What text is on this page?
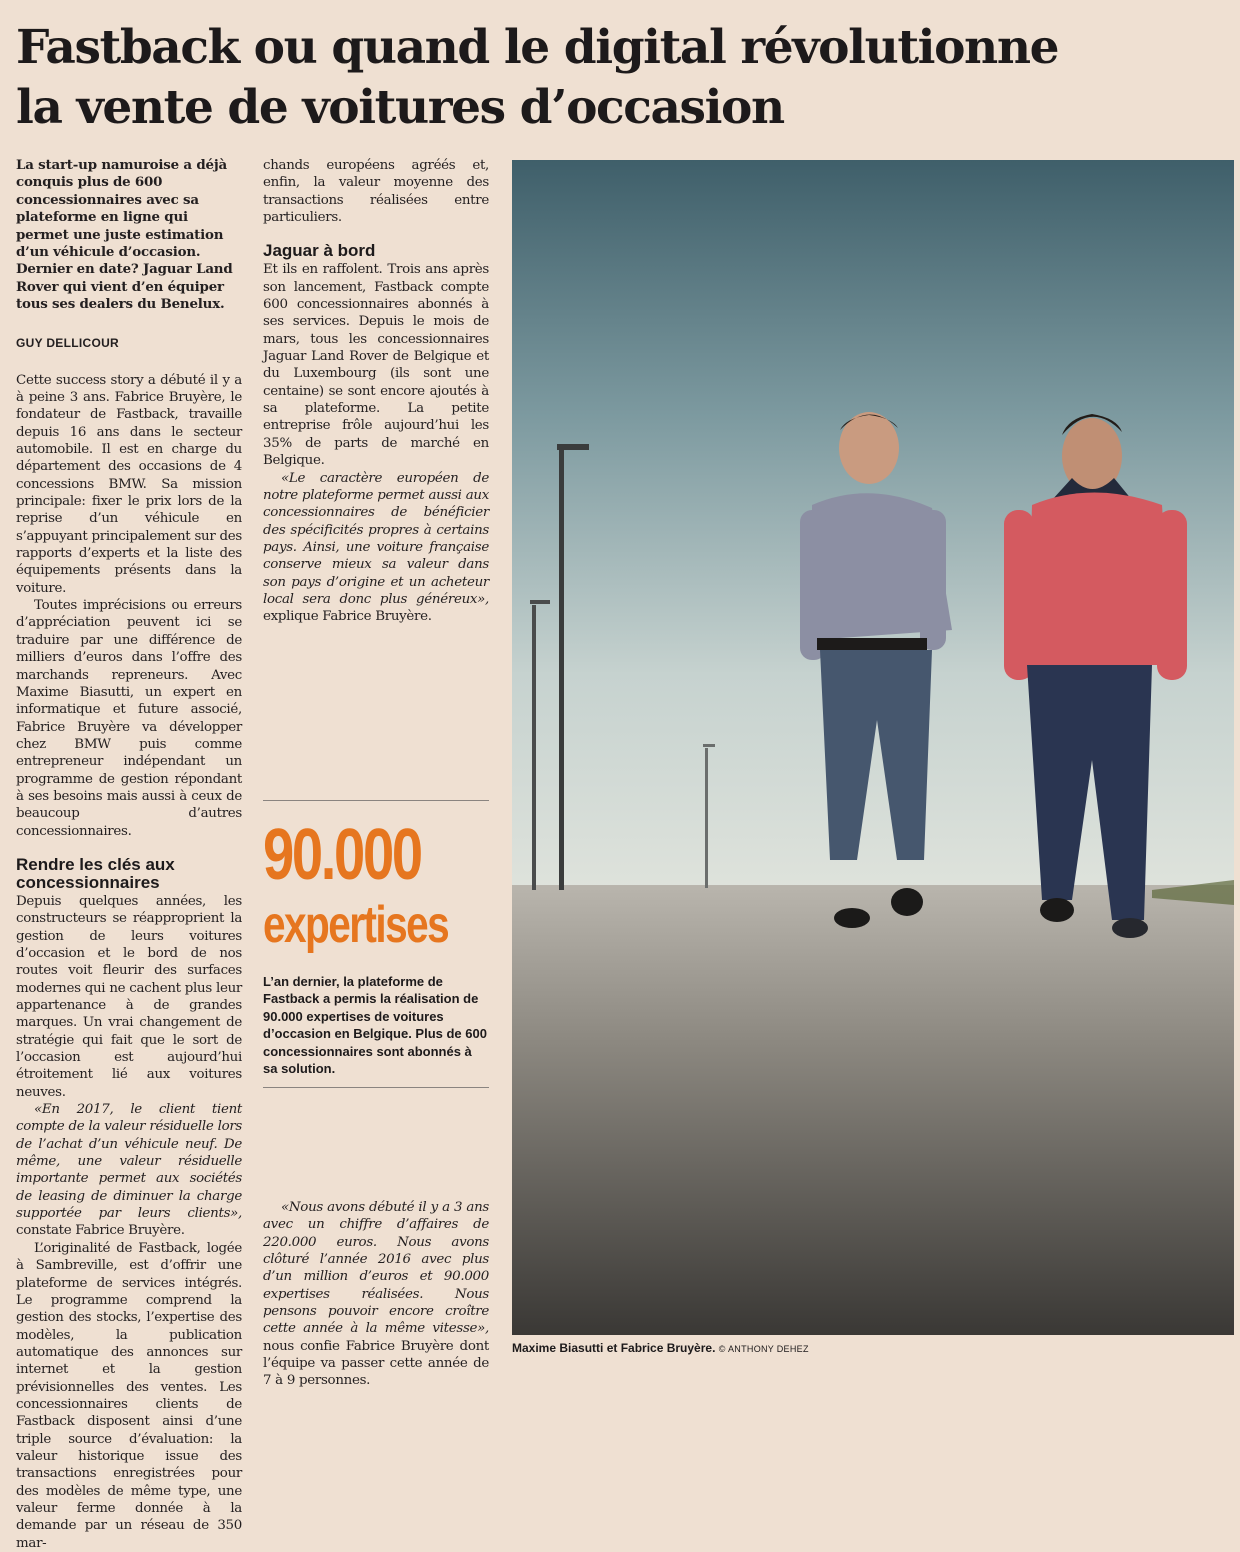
Fastback ou quand le digital révolutionne
la vente de voitures d’occasion

La start-up namuroise a déjà conquis plus de 600 concessionnaires avec sa plateforme en ligne qui permet une juste estimation d’un véhicule d’occasion. Dernier en date? Jaguar Land Rover qui vient d’en équiper tous ses dealers du Benelux.

GUY DELLICOUR

Cette success story a débuté il y a à peine 3 ans. Fabrice Bruyère, le fondateur de Fastback, travaille depuis 16 ans dans le secteur automobile. Il est en charge du département des occasions de 4 concessions BMW. Sa mission principale: fixer le prix lors de la reprise d’un véhicule en s’appuyant principalement sur des rapports d’experts et la liste des équipements présents dans la voiture.

Toutes imprécisions ou erreurs d’appréciation peuvent ici se traduire par une différence de milliers d’euros dans l’offre des marchands repreneurs. Avec Maxime Biasutti, un expert en informatique et future associé, Fabrice Bruyère va développer chez BMW puis comme entrepreneur indépendant un programme de gestion répondant à ses besoins mais aussi à ceux de beaucoup d’autres concessionnaires.

Rendre les clés aux concessionnaires

Depuis quelques années, les constructeurs se réapproprient la gestion de leurs voitures d’occasion et le bord de nos routes voit fleurir des surfaces modernes qui ne cachent plus leur appartenance à de grandes marques. Un vrai changement de stratégie qui fait que le sort de l’occasion est aujourd’hui étroitement lié aux voitures neuves.

«En 2017, le client tient compte de la valeur résiduelle lors de l’achat d’un véhicule neuf. De même, une valeur résiduelle importante permet aux sociétés de leasing de diminuer la charge supportée par leurs clients», constate Fabrice Bruyère.

L’originalité de Fastback, logée à Sambreville, est d’offrir une plateforme de services intégrés. Le programme comprend la gestion des stocks, l’expertise des modèles, la publication automatique des annonces sur internet et la gestion prévisionnelles des ventes. Les concessionnaires clients de Fastback disposent ainsi d’une triple source d’évaluation: la valeur historique issue des transactions enregistrées pour des modèles de même type, une valeur ferme donnée à la demande par un réseau de 350 mar-

chands européens agréés et, enfin, la valeur moyenne des transactions réalisées entre particuliers.

Jaguar à bord

Et ils en raffolent. Trois ans après son lancement, Fastback compte 600 concessionnaires abonnés à ses services. Depuis le mois de mars, tous les concessionnaires Jaguar Land Rover de Belgique et du Luxembourg (ils sont une centaine) se sont encore ajoutés à sa plateforme. La petite entreprise frôle aujourd’hui les 35% de parts de marché en Belgique.

«Le caractère européen de notre plateforme permet aussi aux concessionnaires de bénéficier des spécificités propres à certains pays. Ainsi, une voiture française conserve mieux sa valeur dans son pays d’origine et un acheteur local sera donc plus généreux», explique Fabrice Bruyère.

90.000
expertises
L’an dernier, la plateforme de Fastback a permis la réalisation de 90.000 expertises de voitures d’occasion en Belgique. Plus de 600 concessionnaires sont abonnés à sa solution.

«Nous avons débuté il y a 3 ans avec un chiffre d’affaires de 220.000 euros. Nous avons clôturé l’année 2016 avec plus d’un million d’euros et 90.000 expertises réalisées. Nous pensons pouvoir encore croître cette année à la même vitesse», nous confie Fabrice Bruyère dont l’équipe va passer cette année de 7 à 9 personnes.

Maxime Biasutti et Fabrice Bruyère. © ANTHONY DEHEZ
